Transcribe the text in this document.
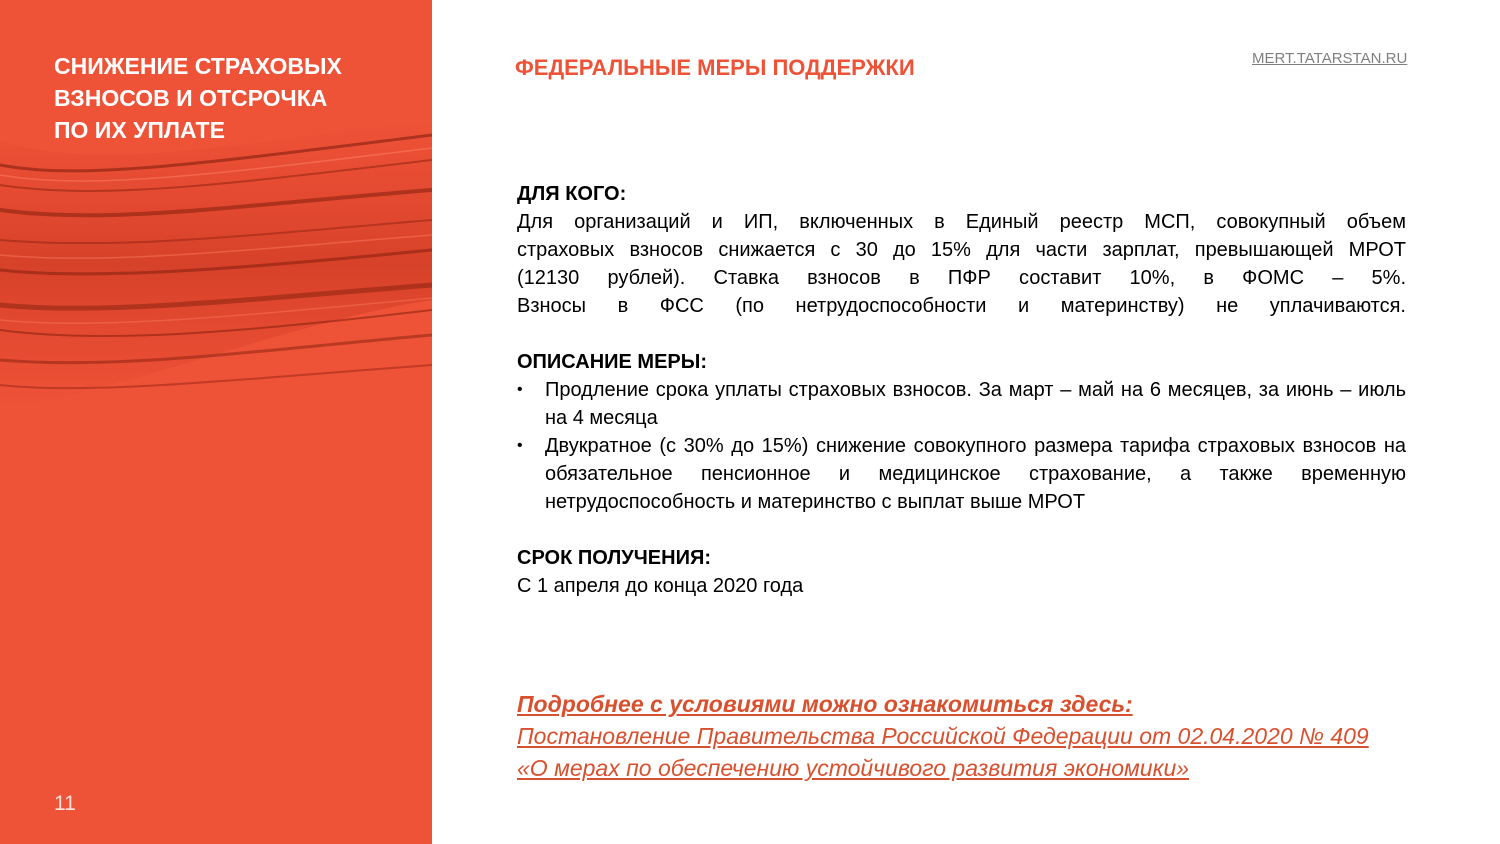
СНИЖЕНИЕ СТРАХОВЫХ
ВЗНОСОВ И ОТСРОЧКА
ПО ИХ УПЛАТЕ
11
ФЕДЕРАЛЬНЫЕ МЕРЫ ПОДДЕРЖКИ	MERT.TATARSTAN.RU
ДЛЯ КОГО:
Для организаций и ИП, включенных в Единый реестр МСП, совокупный объем
страховых взносов снижается с 30 до 15% для части зарплат, превышающей МРОТ
(12130 рублей). Ставка взносов в ПФР составит 10%, в ФОМС – 5%.
Взносы в ФСС (по нетрудоспособности и материнству) не уплачиваются.
ОПИСАНИЕ МЕРЫ:
• Продление срока уплаты страховых взносов. За март – май на 6 месяцев, за июнь – июль на 4 месяца
• Двукратное (с 30% до 15%) снижение совокупного размера тарифа страховых взносов на обязательное пенсионное и медицинское страхование, а также временную нетрудоспособность и материнство с выплат выше МРОТ
СРОК ПОЛУЧЕНИЯ:
С 1 апреля до конца 2020 года
Подробнее с условиями можно ознакомиться здесь:
Постановление Правительства Российской Федерации от 02.04.2020 № 409
«О мерах по обеспечению устойчивого развития экономики»
